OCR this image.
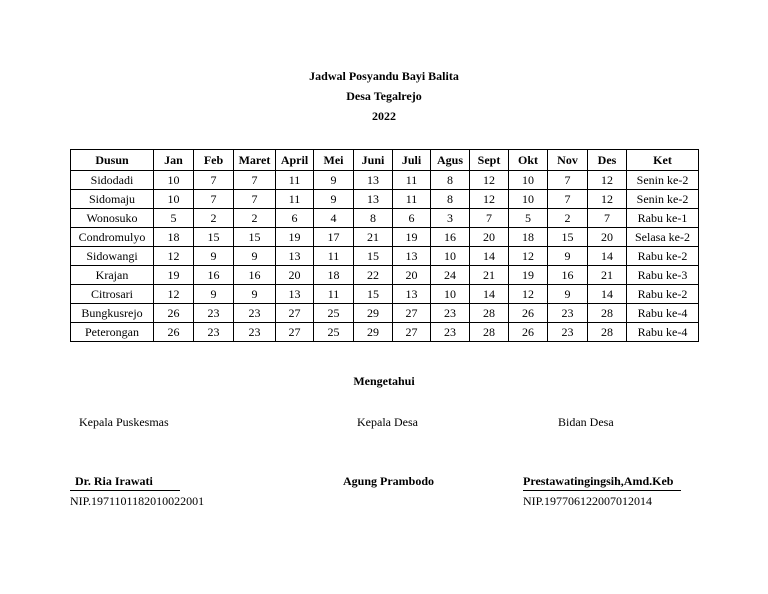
Jadwal Posyandu Bayi Balita
Desa Tegalrejo
2022
Dusun	Jan	Feb	Maret	April	Mei	Juni	Juli	Agus	Sept	Okt	Nov	Des	Ket
Sidodadi	10	7	7	11	9	13	11	8	12	10	7	12	Senin ke-2
Sidomaju	10	7	7	11	9	13	11	8	12	10	7	12	Senin ke-2
Wonosuko	5	2	2	6	4	8	6	3	7	5	2	7	Rabu ke-1
Condromulyo	18	15	15	19	17	21	19	16	20	18	15	20	Selasa ke-2
Sidowangi	12	9	9	13	11	15	13	10	14	12	9	14	Rabu ke-2
Krajan	19	16	16	20	18	22	20	24	21	19	16	21	Rabu ke-3
Citrosari	12	9	9	13	11	15	13	10	14	12	9	14	Rabu ke-2
Bungkusrejo	26	23	23	27	25	29	27	23	28	26	23	28	Rabu ke-4
Peterongan	26	23	23	27	25	29	27	23	28	26	23	28	Rabu ke-4
Mengetahui
Kepala Puskesmas	Kepala Desa	Bidan Desa
Dr. Ria Irawati	Agung Prambodo	Prestawatingingsih,Amd.Keb
NIP.197110118201002200​1	NIP.197706122007012014
